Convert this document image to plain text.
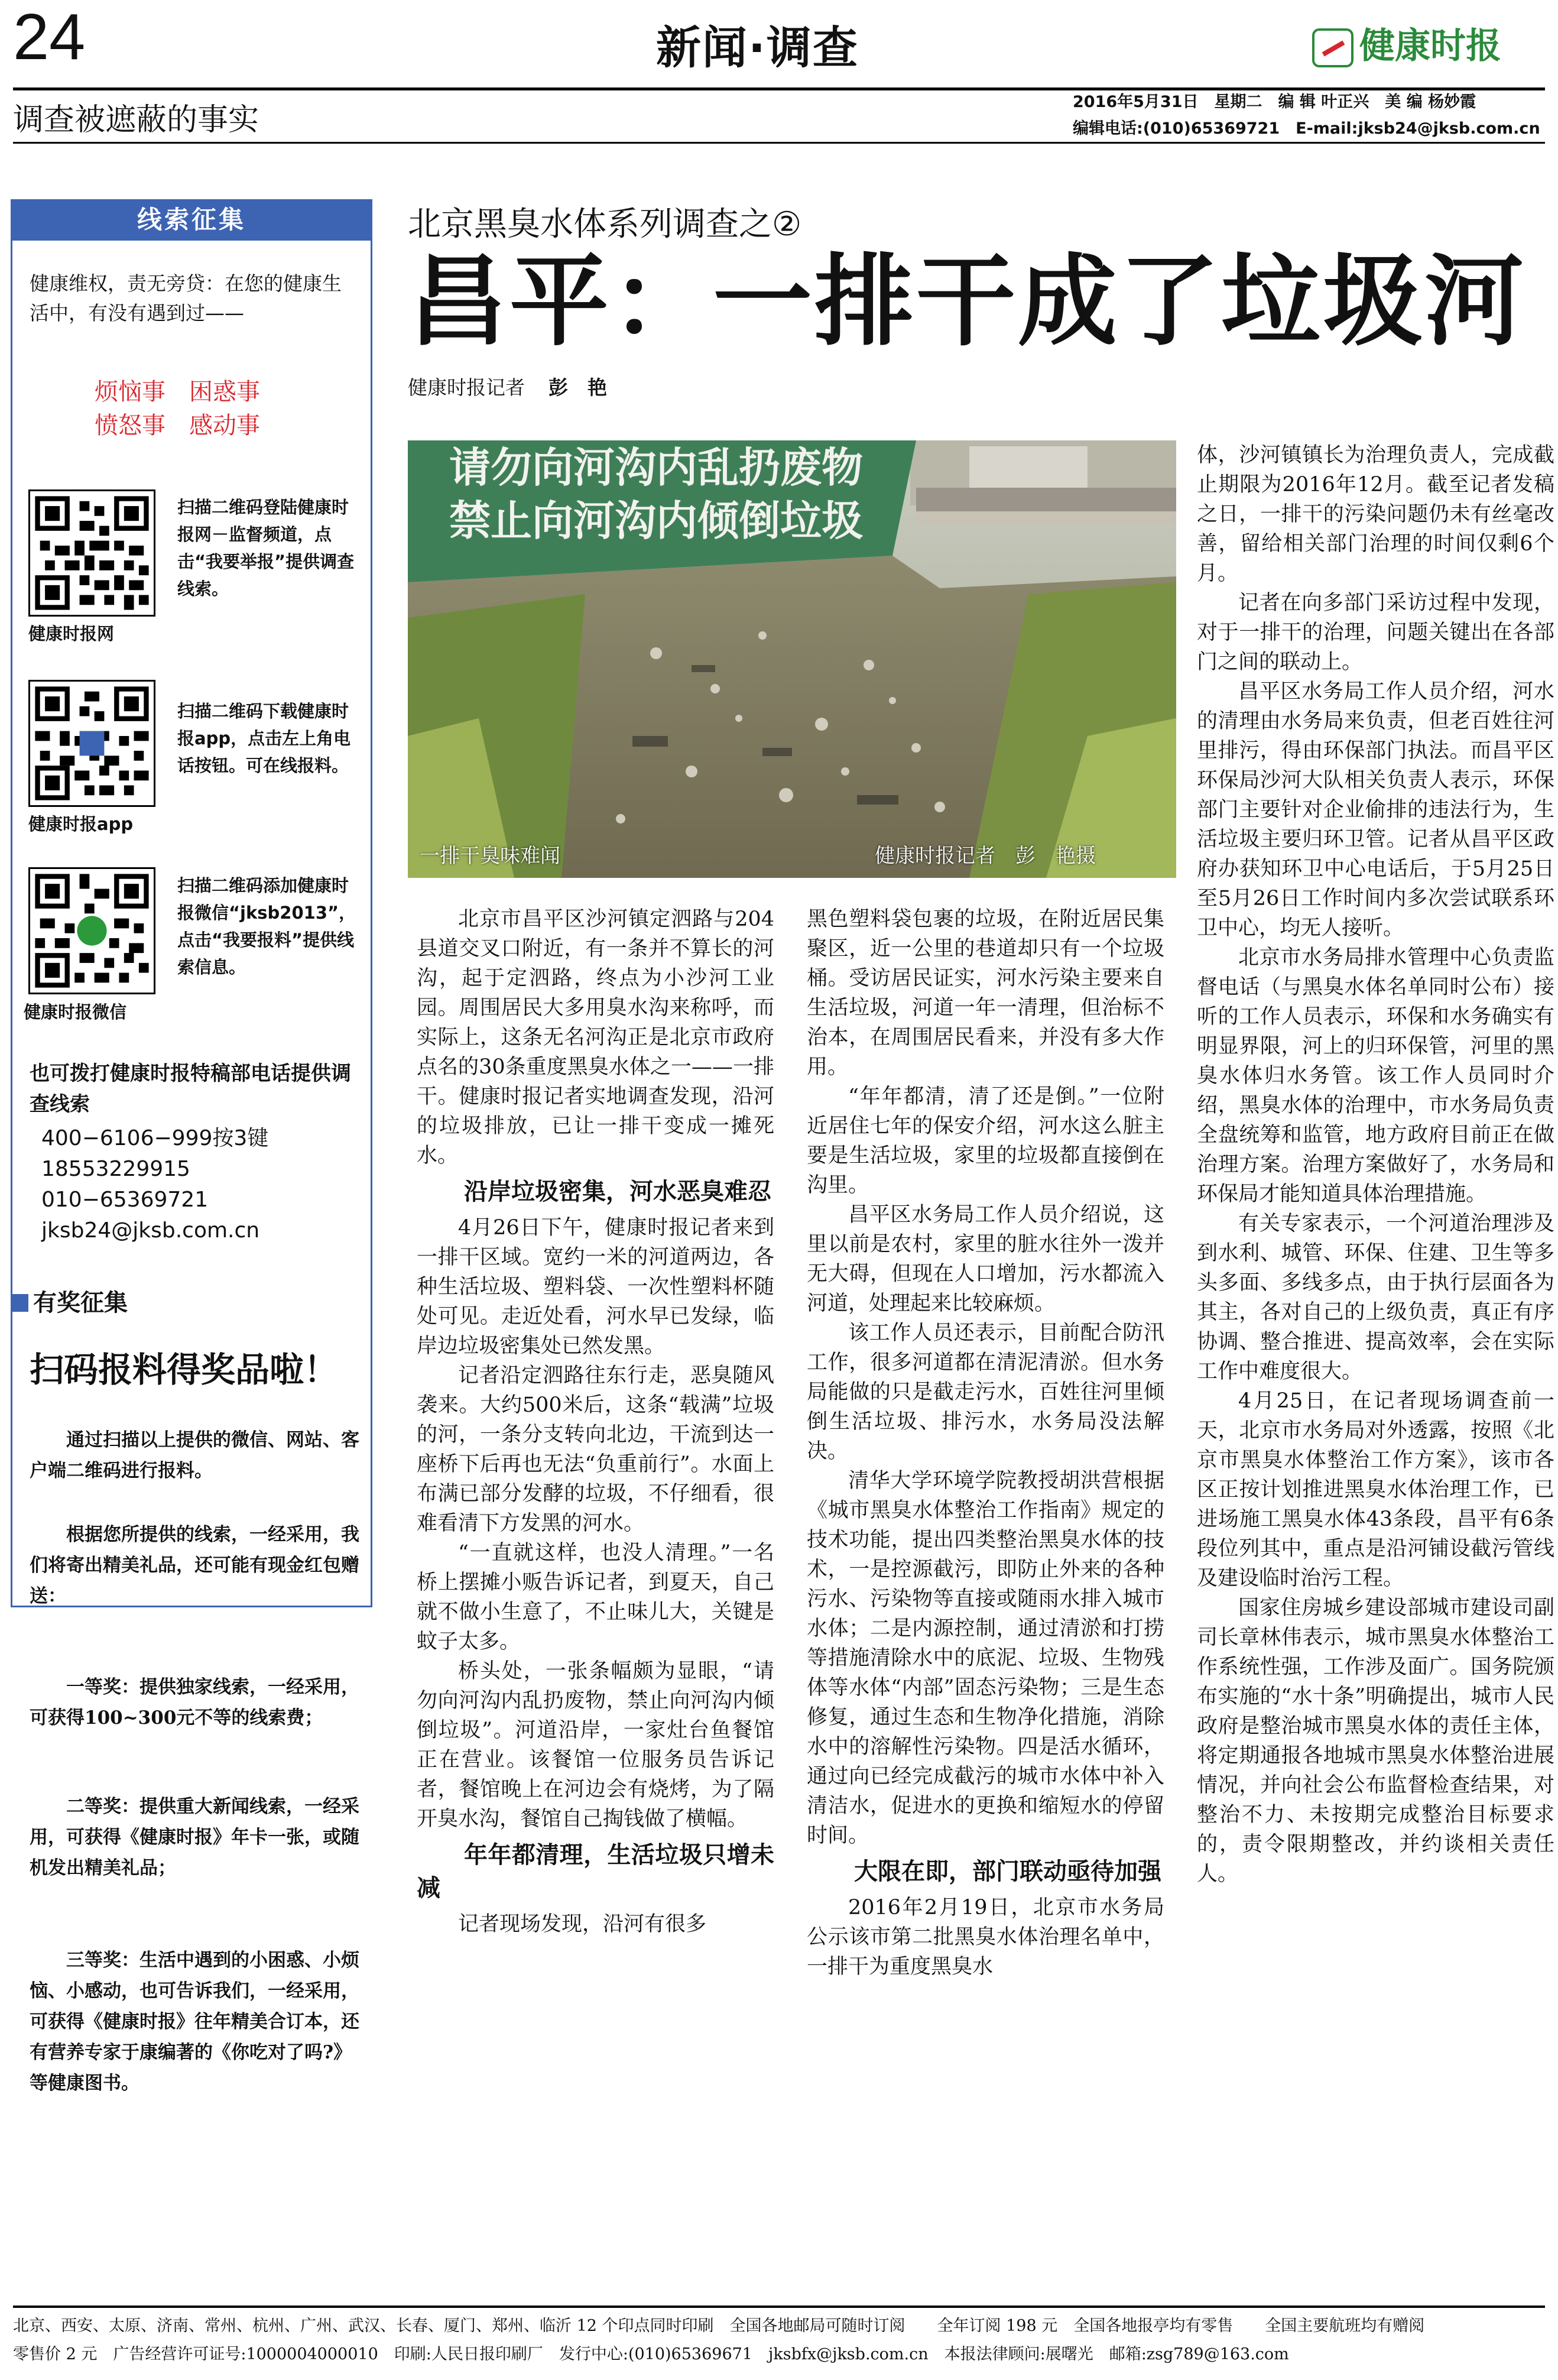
24	新闻·调查	健康时报
调查被遮蔽的事实
2016年5月31日　星期二　编 辑 叶正兴　美 编 杨妙霞
编辑电话:(010)65369721　E-mail:jksb24@jksb.com.cn
线索征集
健康维权，责无旁贷：在您的健康生活中，有没有遇到过——
烦恼事　困惑事
愤怒事　感动事
健康时报网
扫描二维码登陆健康时报网－监督频道，点击“我要举报”提供调查线索。
健康时报app
扫描二维码下载健康时报app，点击左上角电话按钮。可在线报料。
健康时报微信
扫描二维码添加健康时报微信“jksb2013”，点击“我要报料”提供线索信息。
也可拨打健康时报特稿部电话提供调查线索
400−6106−999按3键
18553229915
010−65369721
jksb24@jksb.com.cn
有奖征集
扫码报料得奖品啦！
通过扫描以上提供的微信、网站、客户端二维码进行报料。
根据您所提供的线索，一经采用，我们将寄出精美礼品，还可能有现金红包赠送：
一等奖：提供独家线索，一经采用，可获得100~300元不等的线索费；
二等奖：提供重大新闻线索，一经采用，可获得《健康时报》年卡一张，或随机发出精美礼品；
三等奖：生活中遇到的小困惑、小烦恼、小感动，也可告诉我们，一经采用，可获得《健康时报》往年精美合订本，还有营养专家于康编著的《你吃对了吗?》等健康图书。
北京黑臭水体系列调查之②
昌平：一排干成了垃圾河
健康时报记者 彭　艳
请勿向河沟内乱扔废物
禁止向河沟内倾倒垃圾
一排干臭味难闻	健康时报记者　彭　艳摄

北京市昌平区沙河镇定泗路与204县道交叉口附近，有一条并不算长的河沟，起于定泗路，终点为小沙河工业园。周围居民大多用臭水沟来称呼，而实际上，这条无名河沟正是北京市政府点名的30条重度黑臭水体之一——一排干。健康时报记者实地调查发现，沿河的垃圾排放，已让一排干变成一摊死水。

沿岸垃圾密集，河水恶臭难忍

4月26日下午，健康时报记者来到一排干区域。宽约一米的河道两边，各种生活垃圾、塑料袋、一次性塑料杯随处可见。走近处看，河水早已发绿，临岸边垃圾密集处已然发黑。

记者沿定泗路往东行走，恶臭随风袭来。大约500米后，这条“载满”垃圾的河，一条分支转向北边，干流到达一座桥下后再也无法“负重前行”。水面上布满已部分发酵的垃圾，不仔细看，很难看清下方发黑的河水。

“一直就这样，也没人清理。”一名桥上摆摊小贩告诉记者，到夏天，自己就不做小生意了，不止味儿大，关键是蚊子太多。

桥头处，一张条幅颇为显眼，“请勿向河沟内乱扔废物，禁止向河沟内倾倒垃圾”。河道沿岸，一家灶台鱼餐馆正在营业。该餐馆一位服务员告诉记者，餐馆晚上在河边会有烧烤，为了隔开臭水沟，餐馆自己掏钱做了横幅。

年年都清理，生活垃圾只增未减

记者现场发现，沿河有很多

黑色塑料袋包裹的垃圾，在附近居民集聚区，近一公里的巷道却只有一个垃圾桶。受访居民证实，河水污染主要来自生活垃圾，河道一年一清理，但治标不治本，在周围居民看来，并没有多大作用。

“年年都清，清了还是倒。”一位附近居住七年的保安介绍，河水这么脏主要是生活垃圾，家里的垃圾都直接倒在沟里。

昌平区水务局工作人员介绍说，这里以前是农村，家里的脏水往外一泼并无大碍，但现在人口增加，污水都流入河道，处理起来比较麻烦。

该工作人员还表示，目前配合防汛工作，很多河道都在清泥清淤。但水务局能做的只是截走污水，百姓往河里倾倒生活垃圾、排污水，水务局没法解决。

清华大学环境学院教授胡洪营根据《城市黑臭水体整治工作指南》规定的技术功能，提出四类整治黑臭水体的技术，一是控源截污，即防止外来的各种污水、污染物等直接或随雨水排入城市水体；二是内源控制，通过清淤和打捞等措施清除水中的底泥、垃圾、生物残体等水体“内部”固态污染物；三是生态修复，通过生态和生物净化措施，消除水中的溶解性污染物。四是活水循环，通过向已经完成截污的城市水体中补入清洁水，促进水的更换和缩短水的停留时间。

大限在即，部门联动亟待加强

2016年2月19日，北京市水务局公示该市第二批黑臭水体治理名单中，一排干为重度黑臭水

体，沙河镇镇长为治理负责人，完成截止期限为2016年12月。截至记者发稿之日，一排干的污染问题仍未有丝毫改善，留给相关部门治理的时间仅剩6个月。

记者在向多部门采访过程中发现，对于一排干的治理，问题关键出在各部门之间的联动上。

昌平区水务局工作人员介绍，河水的清理由水务局来负责，但老百姓往河里排污，得由环保部门执法。而昌平区环保局沙河大队相关负责人表示，环保部门主要针对企业偷排的违法行为，生活垃圾主要归环卫管。记者从昌平区政府办获知环卫中心电话后，于5月25日至5月26日工作时间内多次尝试联系环卫中心，均无人接听。

北京市水务局排水管理中心负责监督电话（与黑臭水体名单同时公布）接听的工作人员表示，环保和水务确实有明显界限，河上的归环保管，河里的黑臭水体归水务管。该工作人员同时介绍，黑臭水体的治理中，市水务局负责全盘统筹和监管，地方政府目前正在做治理方案。治理方案做好了，水务局和环保局才能知道具体治理措施。

有关专家表示，一个河道治理涉及到水利、城管、环保、住建、卫生等多头多面、多线多点，由于执行层面各为其主，各对自己的上级负责，真正有序协调、整合推进、提高效率，会在实际工作中难度很大。

4月25日，在记者现场调查前一天，北京市水务局对外透露，按照《北京市黑臭水体整治工作方案》，该市各区正按计划推进黑臭水体治理工作，已进场施工黑臭水体43条段，昌平有6条段位列其中，重点是沿河铺设截污管线及建设临时治污工程。

国家住房城乡建设部城市建设司副司长章林伟表示，城市黑臭水体整治工作系统性强，工作涉及面广。国务院颁布实施的“水十条”明确提出，城市人民政府是整治城市黑臭水体的责任主体，将定期通报各地城市黑臭水体整治进展情况，并向社会公布监督检查结果，对整治不力、未按期完成整治目标要求的，责令限期整改，并约谈相关责任人。

北京、西安、太原、济南、常州、杭州、广州、武汉、长春、厦门、郑州、临沂 12 个印点同时印刷　全国各地邮局可随时订阅　　全年订阅 198 元　全国各地报亭均有零售　　全国主要航班均有赠阅
零售价 2 元　广告经营许可证号:1000004000010　印刷:人民日报印刷厂　发行中心:(010)65369671　jksbfx@jksb.com.cn　本报法律顾问:展曙光　邮箱:zsg789@163.com
